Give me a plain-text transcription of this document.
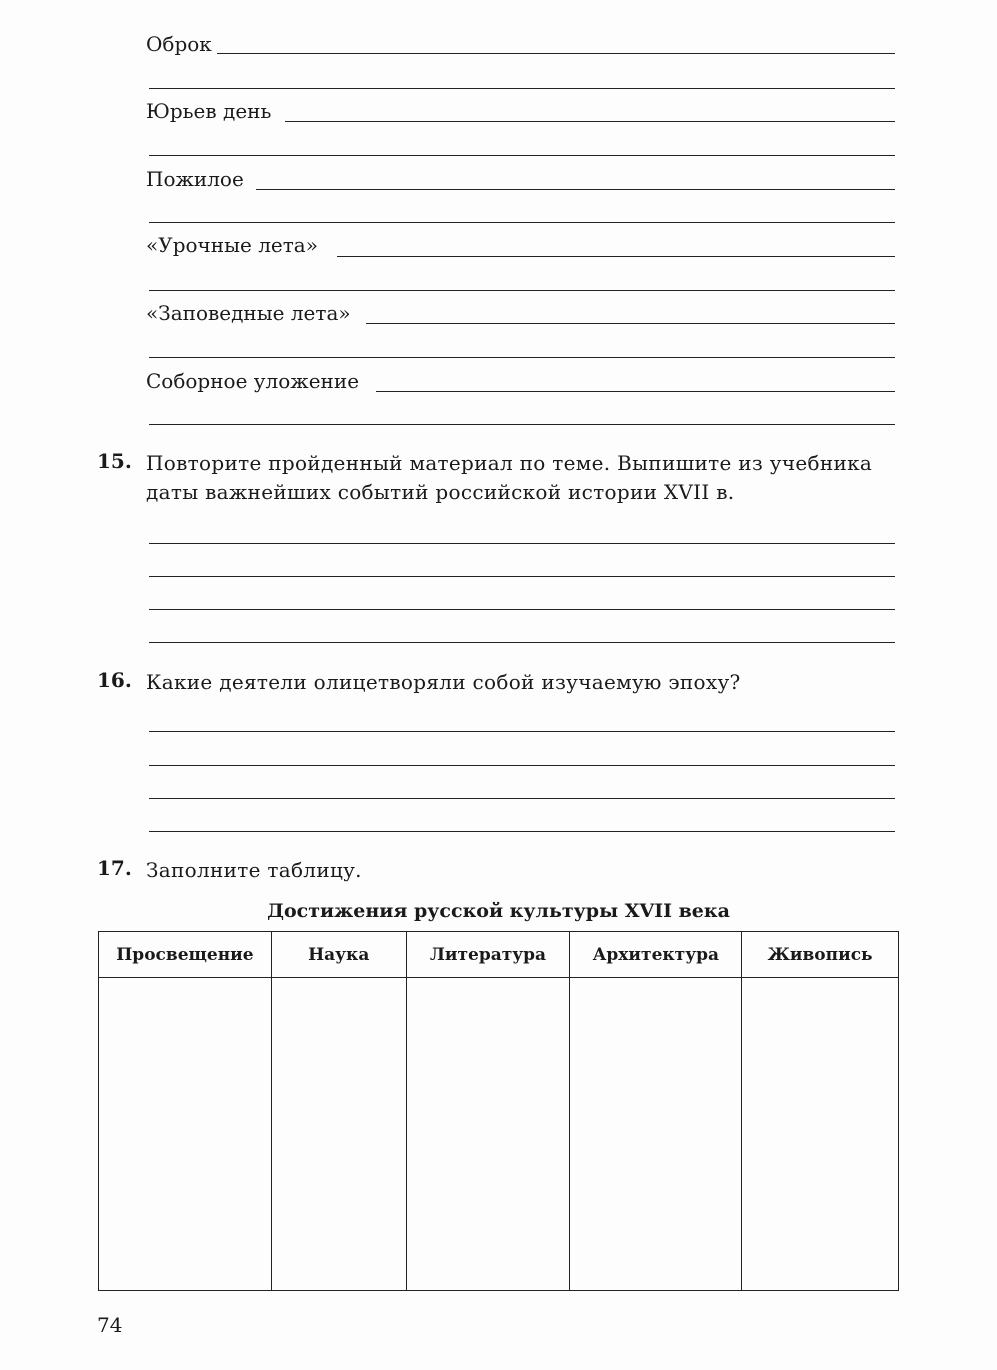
Оброк
Юрьев день
Пожилое
«Урочные лета»
«Заповедные лета»
Соборное уложение
15. Повторите пройденный материал по теме. Выпишите из учебника даты важнейших событий российской истории XVII в.
16. Какие деятели олицетворяли собой изучаемую эпоху?
17. Заполните таблицу.
Достижения русской культуры XVII века
Просвещение	Наука	Литература	Архитектура	Живопись

74
